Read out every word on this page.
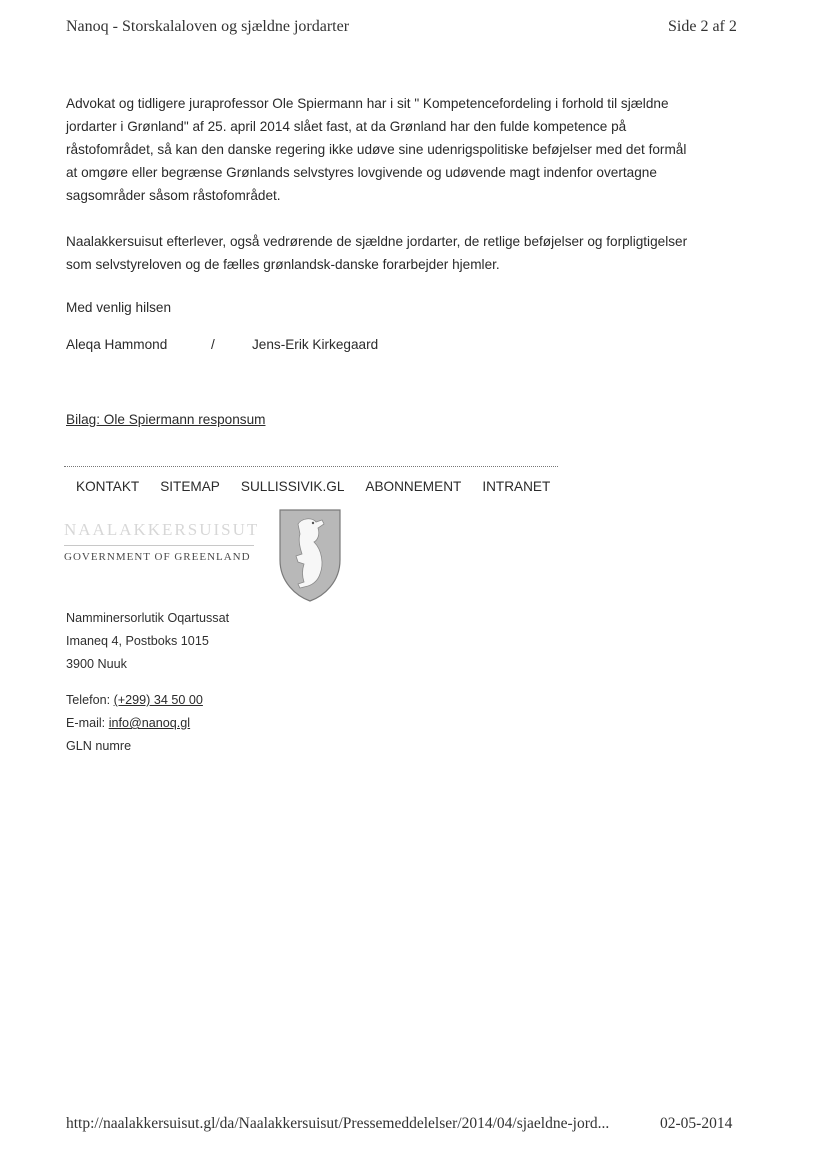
Nanoq - Storskalaloven og sjældne jordarter	Side 2 af 2
Advokat og tidligere juraprofessor Ole Spiermann har i sit " Kompetencefordeling i forhold til sjældne
jordarter i Grønland" af 25. april 2014 slået fast, at da Grønland har den fulde kompetence på
råstofområdet, så kan den danske regering ikke udøve sine udenrigspolitiske beføjelser med det formål
at omgøre eller begrænse Grønlands selvstyres lovgivende og udøvende magt indenfor overtagne
sagsområder såsom råstofområdet.
Naalakkersuisut efterlever, også vedrørende de sjældne jordarter, de retlige beføjelser og forpligtigelser
som selvstyreloven og de fælles grønlandsk-danske forarbejder hjemler.
Med venlig hilsen
Aleqa Hammond	/	Jens-Erik Kirkegaard
Bilag: Ole Spiermann responsum
KONTAKT SITEMAP SULLISSIVIK.GL ABONNEMENT INTRANET
NAALAKKERSUISUT
GOVERNMENT OF GREENLAND
Namminersorlutik Oqartussat
Imaneq 4, Postboks 1015
3900 Nuuk
Telefon: (+299) 34 50 00
E-mail: info@nanoq.gl
GLN numre
http://naalakkersuisut.gl/da/Naalakkersuisut/Pressemeddelelser/2014/04/sjaeldne-jord...	02-05-2014
